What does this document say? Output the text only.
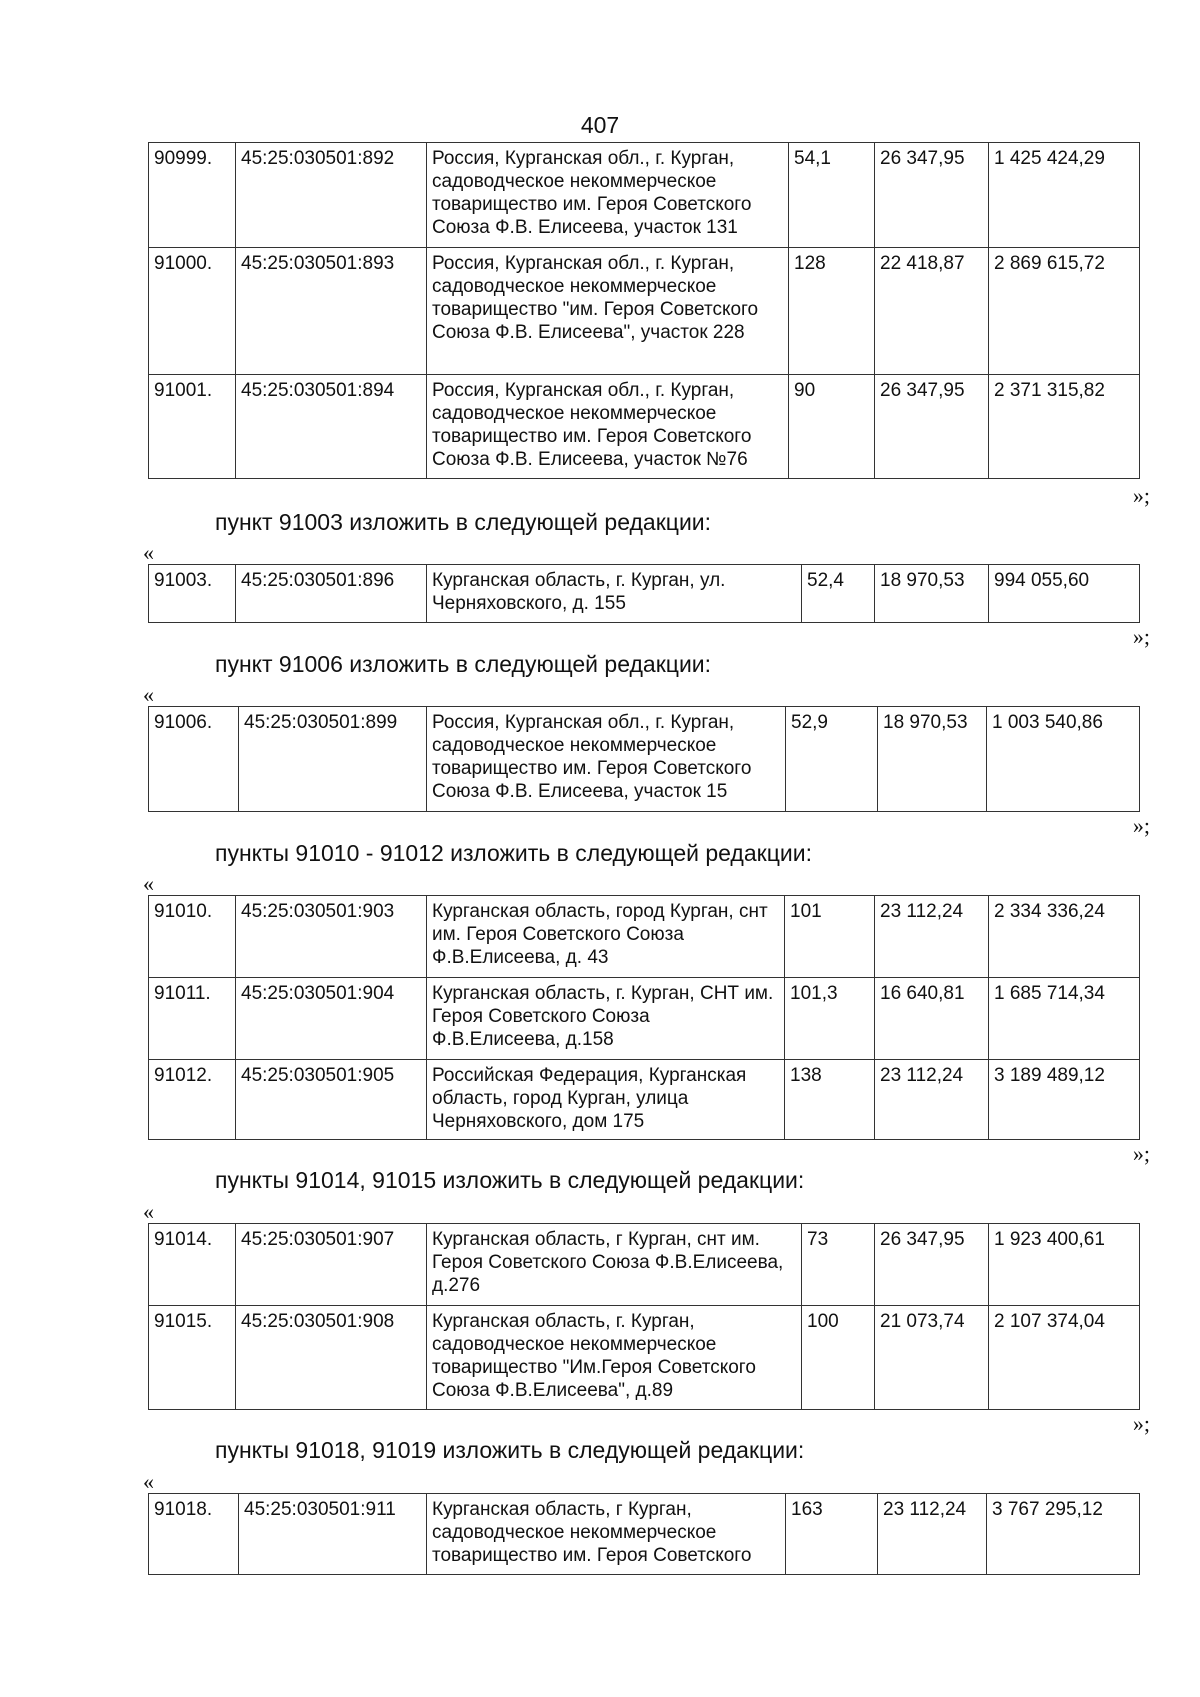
407
90999.	45:25:030501:892	Россия, Курганская обл., г. Курган, садоводческое некоммерческое товарищество им. Героя Советского Союза Ф.В. Елисеева, участок 131	54,1	26 347,95	1 425 424,29
91000.	45:25:030501:893	Россия, Курганская обл., г. Курган, садоводческое некоммерческое товарищество "им. Героя Советского Союза Ф.В. Елисеева", участок 228	128	22 418,87	2 869 615,72
91001.	45:25:030501:894	Россия, Курганская обл., г. Курган, садоводческое некоммерческое товарищество им. Героя Советского Союза Ф.В. Елисеева, участок №76	90	26 347,95	2 371 315,82
»;
пункт 91003 изложить в следующей редакции:
«
91003.	45:25:030501:896	Курганская область, г. Курган, ул. Черняховского, д. 155	52,4	18 970,53	994 055,60
»;
пункт 91006 изложить в следующей редакции:
«
91006.	45:25:030501:899	Россия, Курганская обл., г. Курган, садоводческое некоммерческое товарищество им. Героя Советского Союза Ф.В. Елисеева, участок 15	52,9	18 970,53	1 003 540,86
»;
пункты 91010 - 91012 изложить в следующей редакции:
«
91010.	45:25:030501:903	Курганская область, город Курган, снт им. Героя Советского Союза Ф.В.Елисеева, д. 43	101	23 112,24	2 334 336,24
91011.	45:25:030501:904	Курганская область, г. Курган, СНТ им. Героя Советского Союза Ф.В.Елисеева, д.158	101,3	16 640,81	1 685 714,34
91012.	45:25:030501:905	Российская Федерация, Курганская область, город Курган, улица Черняховского, дом 175	138	23 112,24	3 189 489,12
»;
пункты 91014, 91015 изложить в следующей редакции:
«
91014.	45:25:030501:907	Курганская область, г Курган, снт им. Героя Советского Союза Ф.В.Елисеева, д.276	73	26 347,95	1 923 400,61
91015.	45:25:030501:908	Курганская область, г. Курган, садоводческое некоммерческое товарищество "Им.Героя Советского Союза Ф.В.Елисеева", д.89	100	21 073,74	2 107 374,04
»;
пункты 91018, 91019 изложить в следующей редакции:
«
91018.	45:25:030501:911	Курганская область, г Курган, садоводческое некоммерческое товарищество им. Героя Советского	163	23 112,24	3 767 295,12
